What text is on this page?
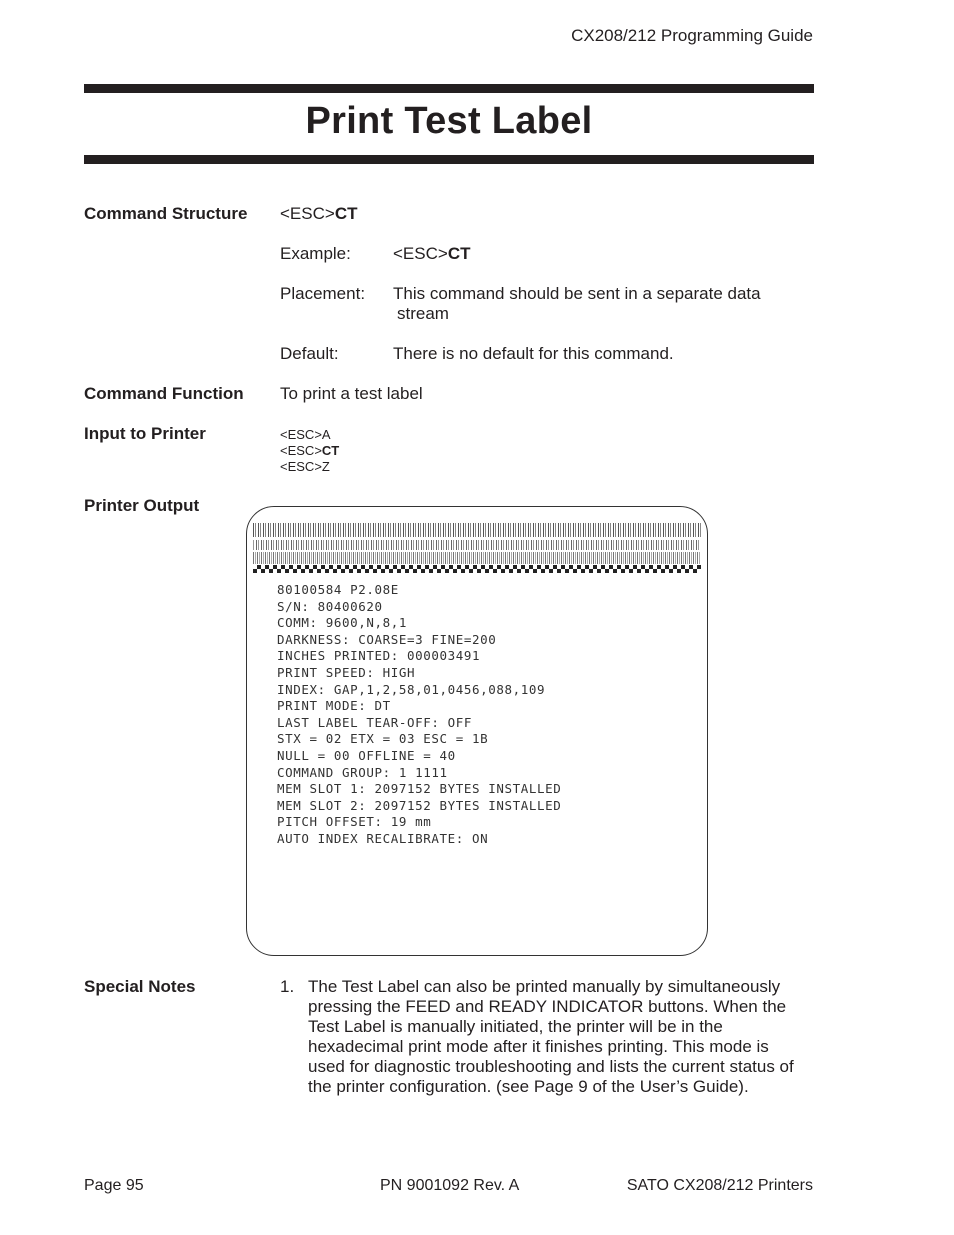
CX208/212 Programming Guide
Print Test Label
Command Structure <ESC>CT
Example: <ESC>CT
Placement: This command should be sent in a separate data
stream
Default:	There is no default for this command.
Command Function To print a test label
Input to Printer	<ESC>A
<ESC>CT
<ESC>Z
Printer Output
80100584 P2.08E
S/N: 80400620
COMM: 9600,N,8,1
DARKNESS: COARSE=3 FINE=200
INCHES PRINTED: 000003491
PRINT SPEED: HIGH
INDEX: GAP,1,2,58,01,0456,088,109
PRINT MODE: DT
LAST LABEL TEAR-OFF: OFF
STX = 02 ETX = 03 ESC = 1B
NULL = 00 OFFLINE = 40
COMMAND GROUP: 1 1111
MEM SLOT 1: 2097152 BYTES INSTALLED
MEM SLOT 2: 2097152 BYTES INSTALLED
PITCH OFFSET: 19 mm
AUTO INDEX RECALIBRATE: ON
Special Notes	1. The Test Label can also be printed manually by simultaneously
pressing the FEED and READY INDICATOR buttons. When the
Test Label is manually initiated, the printer will be in the
hexadecimal print mode after it finishes printing. This mode is
used for diagnostic troubleshooting and lists the current status of
the printer configuration. (see Page 9 of the User’s Guide).
Page 95	PN 9001092 Rev. A	SATO CX208/212 Printers
